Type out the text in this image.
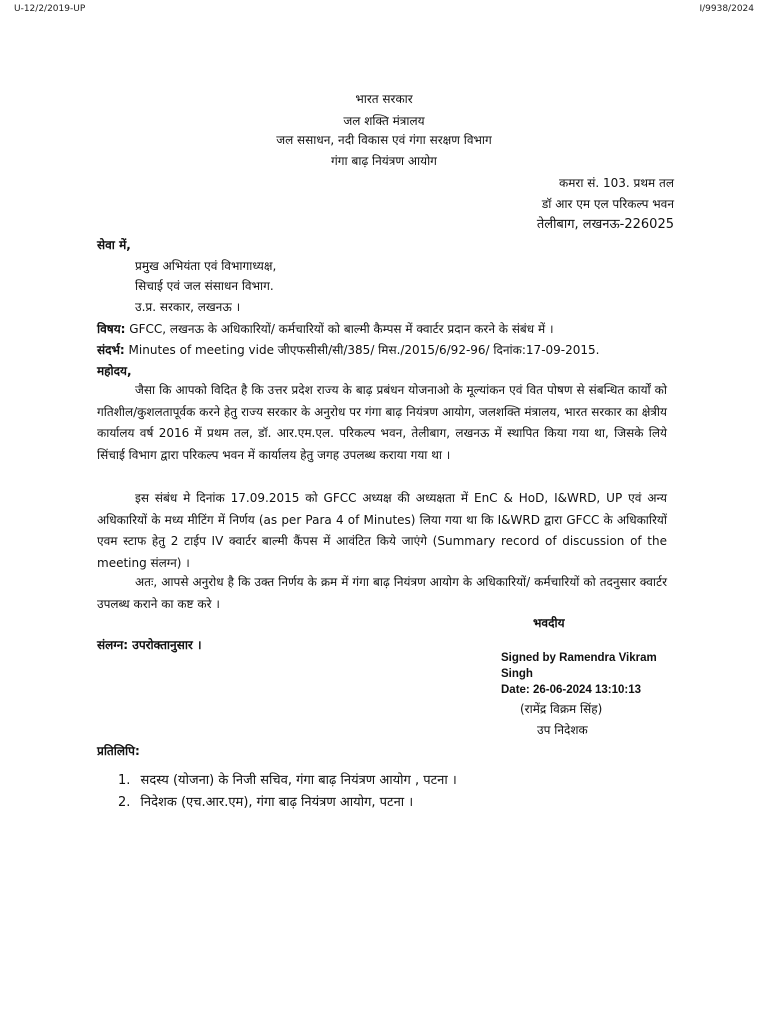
U-12/2/2019-UP	I/9938/2024
भारत सरकार
जल शक्ति मंत्रालय
जल ससाधन, नदी विकास एवं गंगा सरक्षण विभाग
गंगा बाढ़ नियंत्रण आयोग
कमरा सं. 103. प्रथम तल
डॉ आर एम एल परिकल्प भवन
तेलीबाग, लखनऊ-226025
सेवा में,
प्रमुख अभियंता एवं विभागाध्यक्ष,
सिचाई एवं जल संसाधन विभाग.
उ.प्र. सरकार, लखनऊ ।
विषय: GFCC, लखनऊ के अधिकारियों/ कर्मचारियों को बाल्मी कैम्पस में क्वार्टर प्रदान करने के संबंध में ।
संदर्भ: Minutes of meeting vide जीएफसीसी/सी/385/ मिस./2015/6/92-96/ दिनांक:17-09-2015.
महोदय,
जैसा कि आपको विदित है कि उत्तर प्रदेश राज्य के बाढ़ प्रबंधन योजनाओ के मूल्यांकन एवं वित पोषण से संबन्धित कार्यों को गतिशील/कुशलतापूर्वक करने हेतु राज्य सरकार के अनुरोध पर गंगा बाढ़ नियंत्रण आयोग, जलशक्ति मंत्रालय, भारत सरकार का क्षेत्रीय कार्यालय वर्ष 2016 में प्रथम तल, डॉ. आर.एम.एल. परिकल्प भवन, तेलीबाग, लखनऊ में स्थापित किया गया था, जिसके लिये सिंचाई विभाग द्वारा परिकल्प भवन में कार्यालय हेतु जगह उपलब्ध कराया गया था ।
इस संबंध मे दिनांक 17.09.2015 को GFCC अध्यक्ष की अध्यक्षता में EnC & HoD, I&WRD, UP एवं अन्य अधिकारियों के मध्य मीटिंग में निर्णय (as per Para 4 of Minutes) लिया गया था कि I&WRD द्वारा GFCC के अधिकारियों एवम स्टाफ हेतु 2 टाईप IV क्वार्टर बाल्मी कैंपस में आवंटित किये जाएंगे (Summary record of discussion of the meeting संलग्न) ।
अतः, आपसे अनुरोध है कि उक्त निर्णय के क्रम में गंगा बाढ़ नियंत्रण आयोग के अधिकारियों/ कर्मचारियों को तदनुसार क्वार्टर उपलब्ध कराने का कष्ट करे ।
भवदीय
संलग्न: उपरोक्तानुसार ।
Signed by Ramendra Vikram
Singh
Date: 26-06-2024 13:10:13
(रामेंद्र विक्रम सिंह)
उप निदेशक
प्रतिलिपि:
1. सदस्य (योजना) के निजी सचिव, गंगा बाढ़ नियंत्रण आयोग , पटना ।
2. निदेशक (एच.आर.एम), गंगा बाढ़ नियंत्रण आयोग, पटना ।
